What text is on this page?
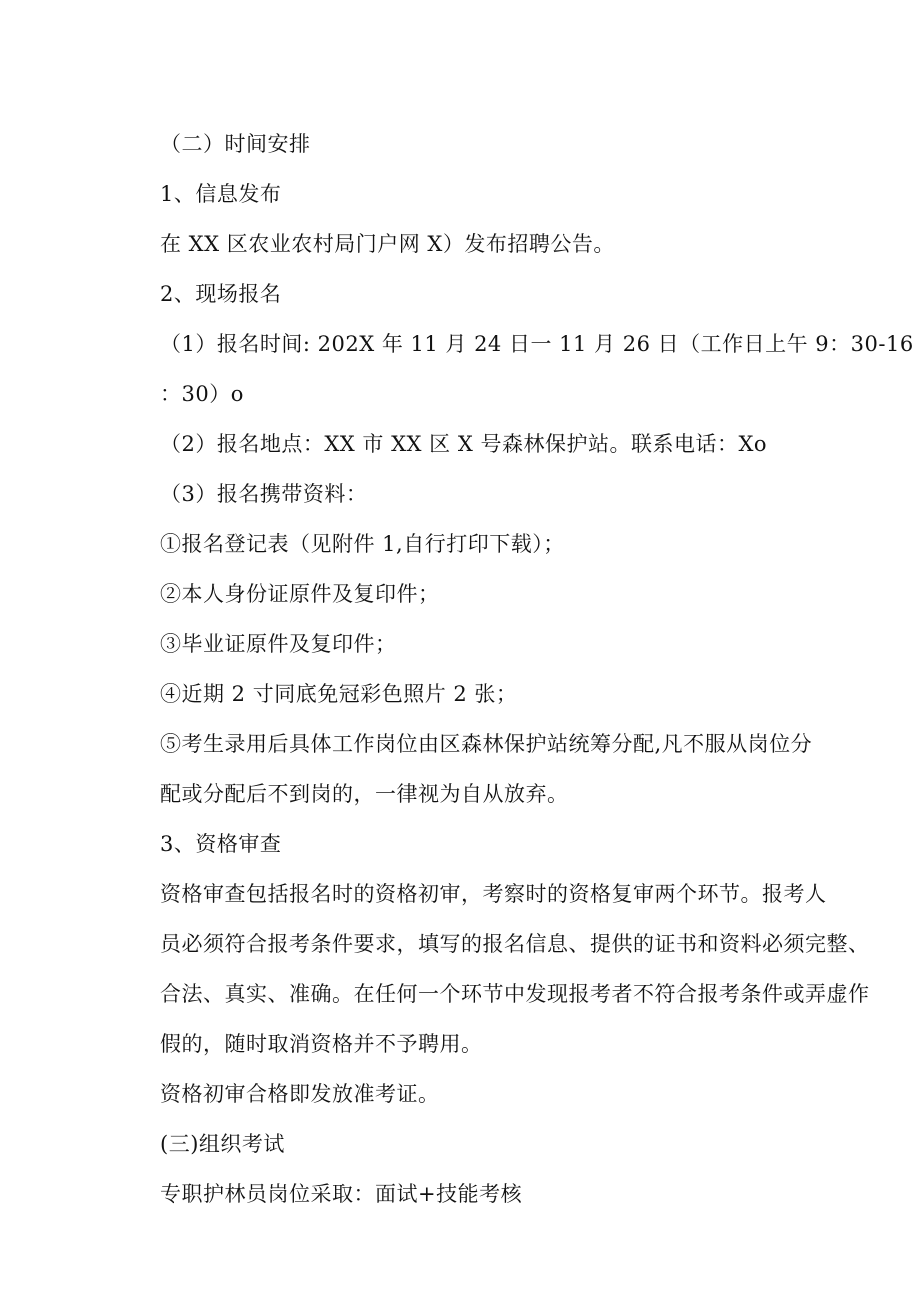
（二）时间安排
1、信息发布
在 XX 区农业农村局门户网 X）发布招聘公告。
2、现场报名
（1）报名时间: 202X 年 11 月 24 日一 11 月 26 日（工作日上午 9：30-16
：30）o
（2）报名地点：XX 市 XX 区 X 号森林保护站。联系电话：Xo
（3）报名携带资料：
①报名登记表（见附件 1,自行打印下载）；
②本人身份证原件及复印件；
③毕业证原件及复印件；
④近期 2 寸同底免冠彩色照片 2 张；
⑤考生录用后具体工作岗位由区森林保护站统筹分配,凡不服从岗位分
配或分配后不到岗的，一律视为自从放弃。
3、资格审查
资格审查包括报名时的资格初审，考察时的资格复审两个环节。报考人
员必须符合报考条件要求，填写的报名信息、提供的证书和资料必须完整、
合法、真实、准确。在任何一个环节中发现报考者不符合报考条件或弄虚作
假的，随时取消资格并不予聘用。
资格初审合格即发放准考证。
(三)组织考试
专职护林员岗位采取：面试+技能考核
